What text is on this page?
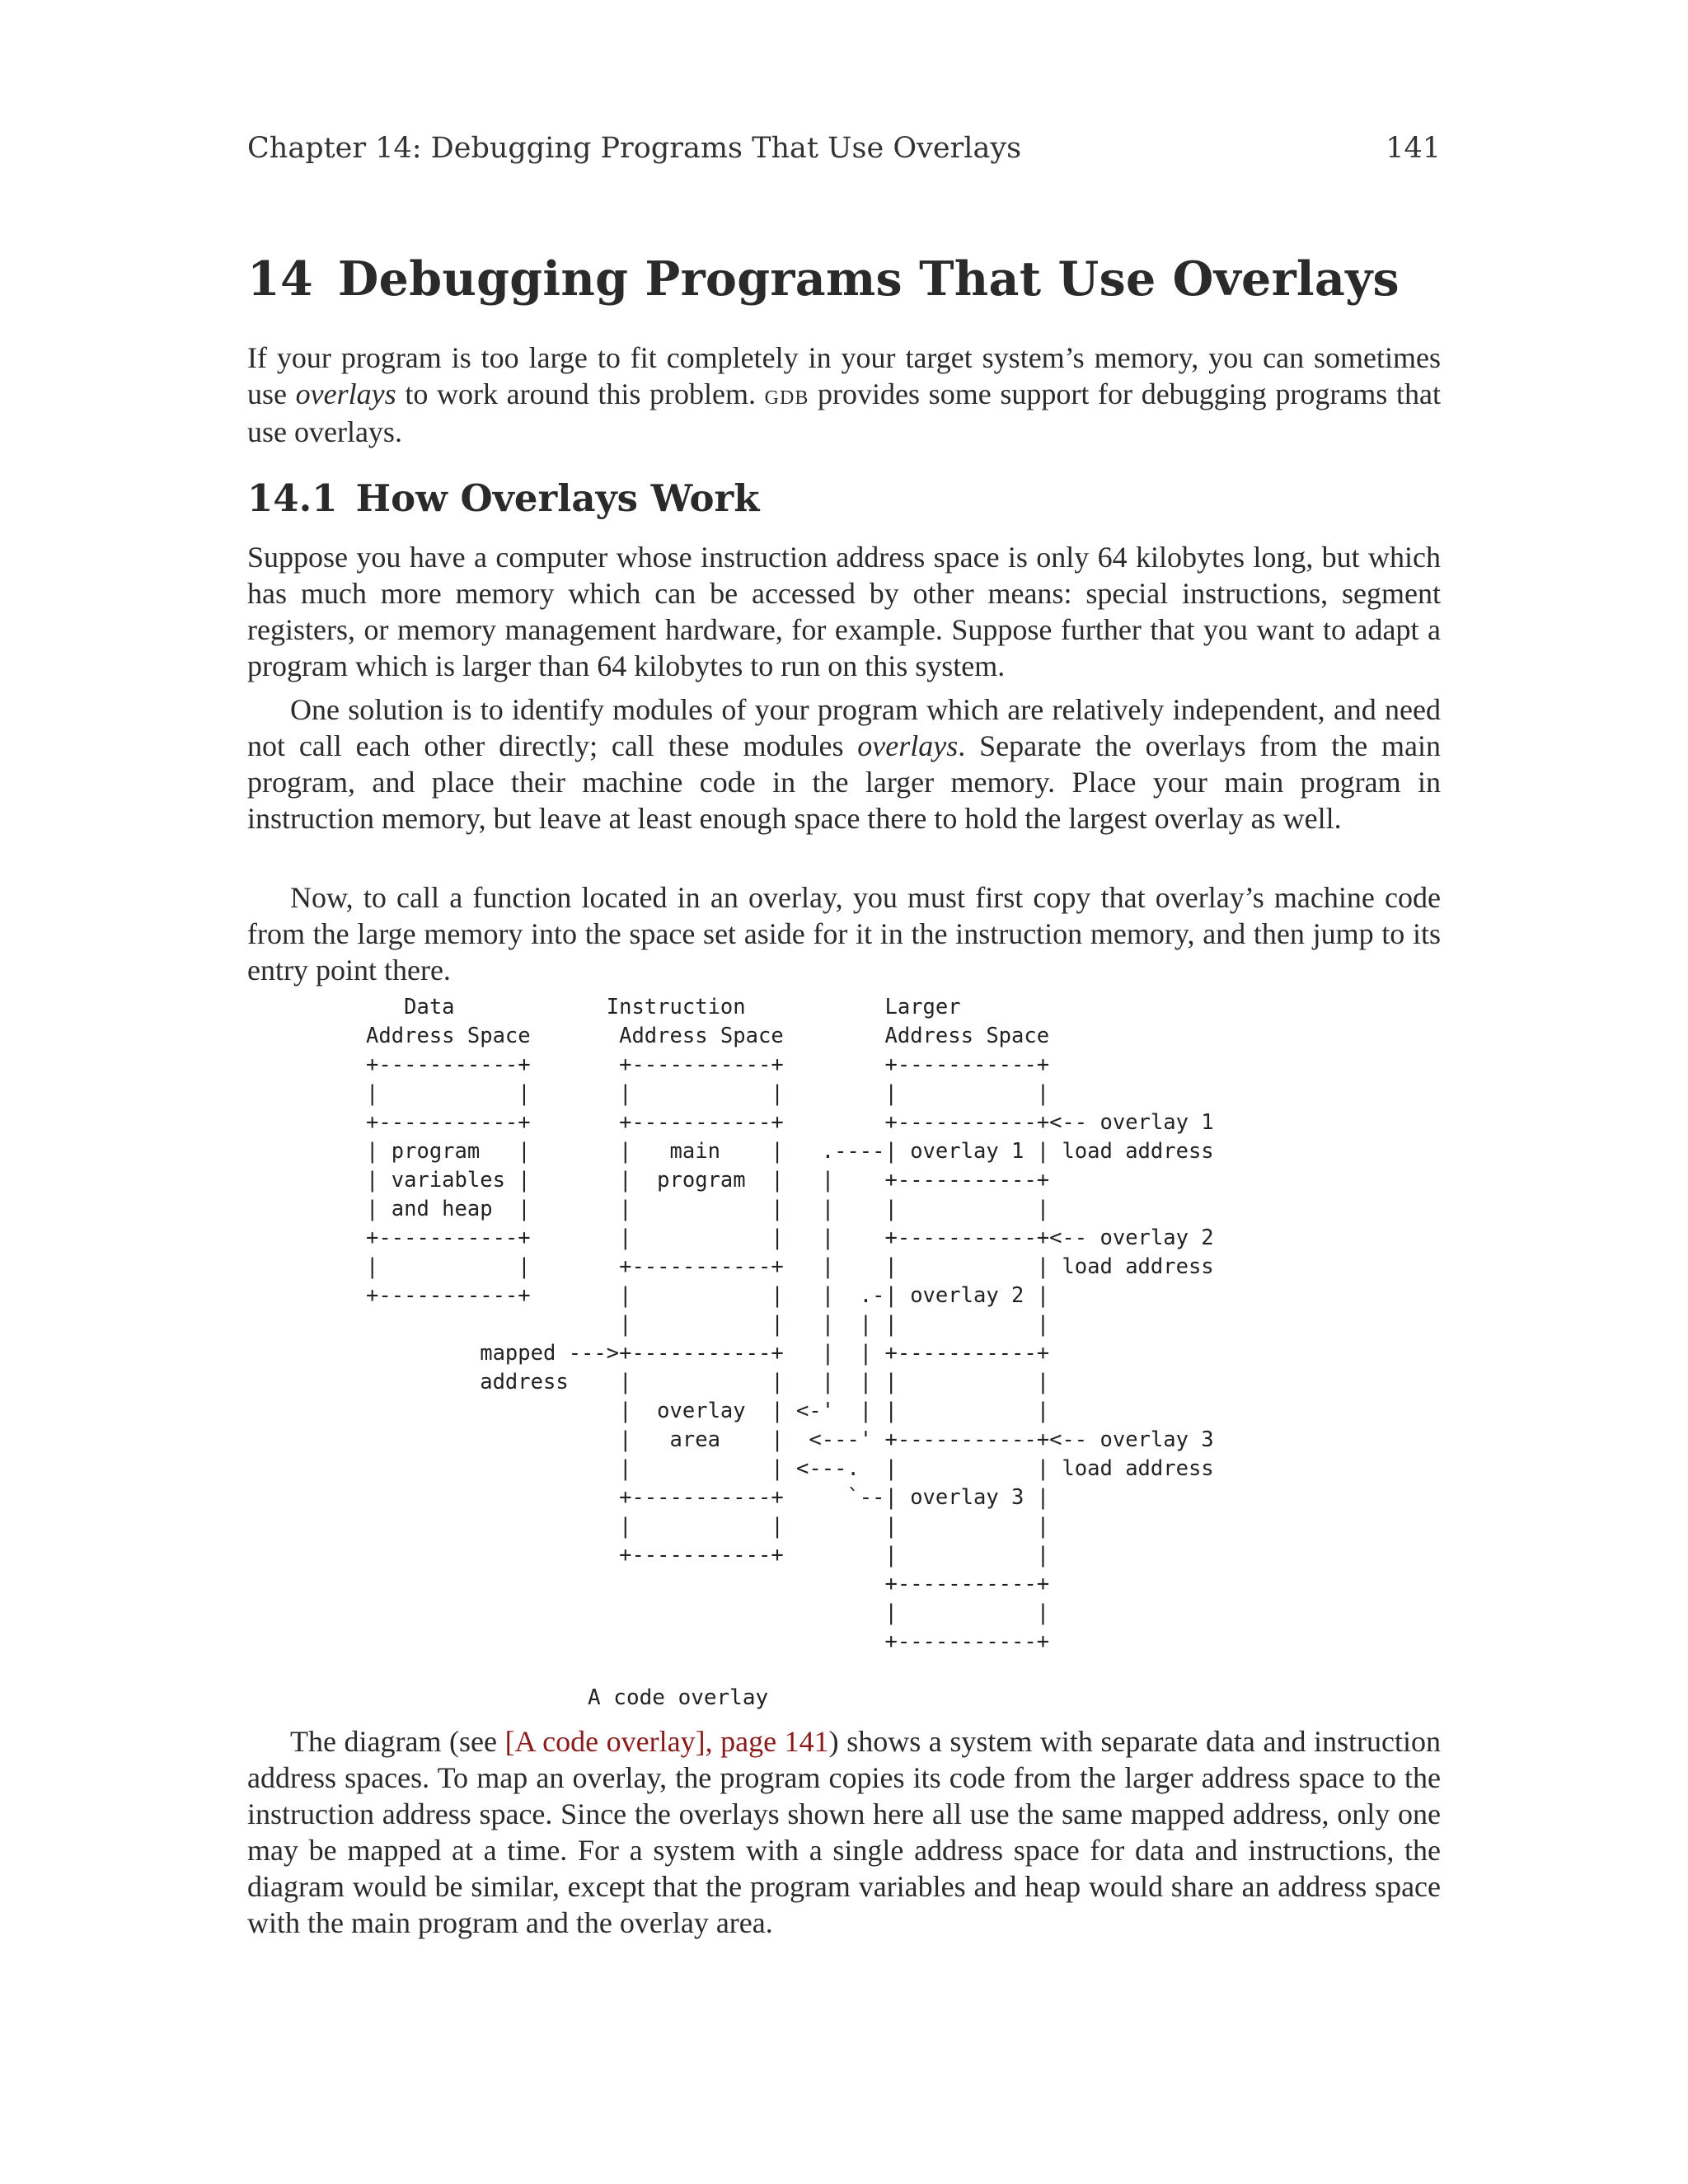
Chapter 14: Debugging Programs That Use Overlays	141
14 Debugging Programs That Use Overlays

If your program is too large to fit completely in your target system’s memory, you can sometimes use overlays to work around this problem. gdb provides some support for debugging programs that use overlays.

14.1 How Overlays Work

Suppose you have a computer whose instruction address space is only 64 kilobytes long, but which has much more memory which can be accessed by other means: special instructions, segment registers, or memory management hardware, for example. Suppose further that you want to adapt a program which is larger than 64 kilobytes to run on this system.

One solution is to identify modules of your program which are relatively independent, and need not call each other directly; call these modules overlays. Separate the overlays from the main program, and place their machine code in the larger memory. Place your main program in instruction memory, but leave at least enough space there to hold the largest overlay as well.

Now, to call a function located in an overlay, you must first copy that overlay’s machine code from the large memory into the space set aside for it in the instruction memory, and then jump to its entry point there.

Data            Instruction           Larger
Address Space       Address Space        Address Space
+-----------+       +-----------+        +-----------+
|           |       |           |        |           |
+-----------+       +-----------+        +-----------+<-- overlay 1
| program   |       |   main    |   .----| overlay 1 | load address
| variables |       |  program  |   |    +-----------+
| and heap  |       |           |   |    |           |
+-----------+       |           |   |    +-----------+<-- overlay 2
|           |       +-----------+   |    |           | load address
+-----------+       |           |   |  .-| overlay 2 |
|           |   |  | |           |
mapped --->+-----------+   |  | +-----------+
address    |           |   |  | |           |
|  overlay  | <-'  | |           |
|   area    |  <---' +-----------+<-- overlay 3
|           | <---.  |           | load address
+-----------+     `--| overlay 3 |
|           |        |           |
+-----------+        |           |
+-----------+
|           |
+-----------+
A code overlay

The diagram (see [A code overlay], page 141) shows a system with separate data and instruction address spaces. To map an overlay, the program copies its code from the larger address space to the instruction address space. Since the overlays shown here all use the same mapped address, only one may be mapped at a time. For a system with a single address space for data and instructions, the diagram would be similar, except that the program variables and heap would share an address space with the main program and the overlay area.
